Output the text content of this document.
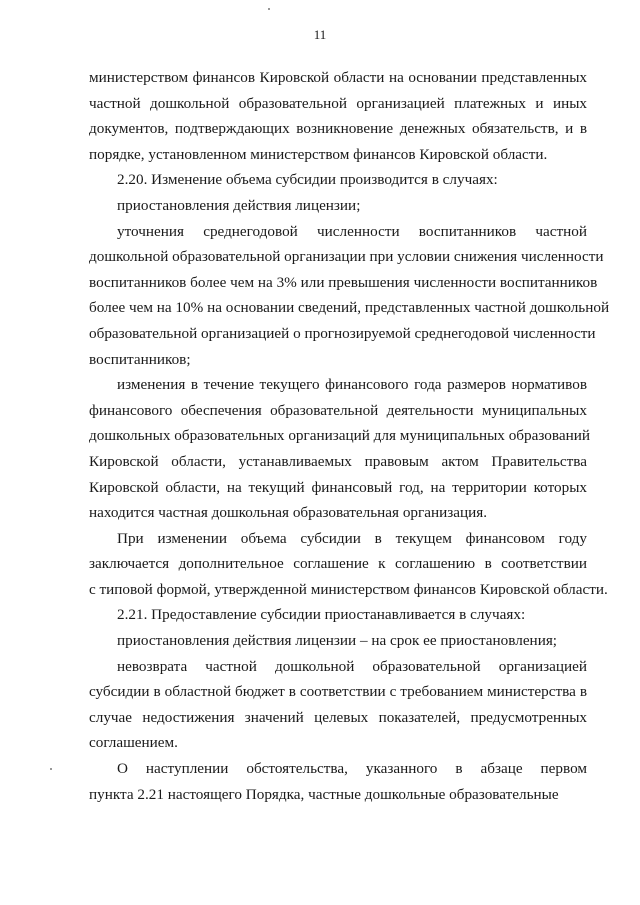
11
министерством финансов Кировской области на основании представленных
частной дошкольной образовательной организацией платежных и иных
документов, подтверждающих возникновение денежных обязательств, и в
порядке, установленном министерством финансов Кировской области.
2.20. Изменение объема субсидии производится в случаях:
приостановления действия лицензии;
уточнения среднегодовой численности воспитанников частной
дошкольной образовательной организации при условии снижения численности
воспитанников более чем на 3% или превышения численности воспитанников
более чем на 10% на основании сведений, представленных частной дошкольной
образовательной организацией о прогнозируемой среднегодовой численности
воспитанников;
изменения в течение текущего финансового года размеров нормативов
финансового обеспечения образовательной деятельности муниципальных
дошкольных образовательных организаций для муниципальных образований
Кировской области, устанавливаемых правовым актом Правительства
Кировской области, на текущий финансовый год, на территории которых
находится частная дошкольная образовательная организация.
При изменении объема субсидии в текущем финансовом году
заключается дополнительное соглашение к соглашению в соответствии
с типовой формой, утвержденной министерством финансов Кировской области.
2.21. Предоставление субсидии приостанавливается в случаях:
приостановления действия лицензии – на срок ее приостановления;
невозврата частной дошкольной образовательной организацией
субсидии в областной бюджет в соответствии с требованием министерства в
случае недостижения значений целевых показателей, предусмотренных
соглашением.
О наступлении обстоятельства, указанного в абзаце первом
пункта 2.21 настоящего Порядка, частные дошкольные образовательные
